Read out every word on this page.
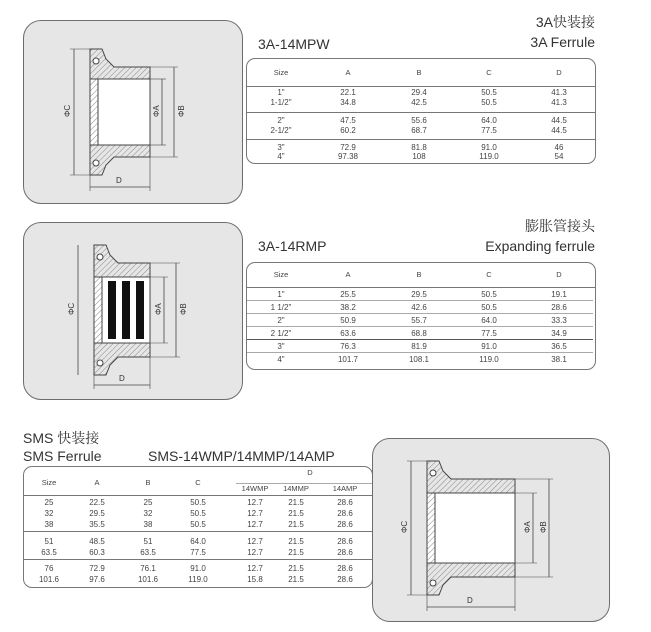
ΦC	ΦA ΦB
D
3A快装接
3A Ferrule
3A-14MPW
Size	A	B	C	D
1"	22.1	29.4	50.5	41.3
1-1/2"	34.8	42.5	50.5	41.3
2"	47.5	55.6	64.0	44.5
2-1/2"	60.2	68.7	77.5	44.5
3"	72.9	81.8	91.0	46
4"	97.38	108	119.0	54
ΦC	ΦA ΦB
D
膨胀管接头
Expanding ferrule
3A-14RMP
Size	A	B	C	D
1"	25.5	29.5	50.5	19.1
1 1/2"	38.2	42.6	50.5	28.6
2"	50.9	55.7	64.0	33.3
2 1/2"	63.6	68.8	77.5	34.9
3"	76.3	81.9	91.0	36.5
4"	101.7	108.1	119.0	38.1
SMS 快装接
SMS Ferrule	SMS-14WMP/14MMP/14AMP
Size	A	B	C
D
14WMP	14MMP	14AMP
25	22.5	25	50.5	12.7	21.5	28.6
32	29.5	32	50.5	12.7	21.5	28.6
38	35.5	38	50.5	12.7	21.5	28.6
51	48.5	51	64.0	12.7	21.5	28.6
63.5	60.3	63.5	77.5	12.7	21.5	28.6
76	72.9	76.1	91.0	12.7	21.5	28.6
101.6	97.6	101.6	119.0	15.8	21.5	28.6
ΦC	ΦA ΦB
D
